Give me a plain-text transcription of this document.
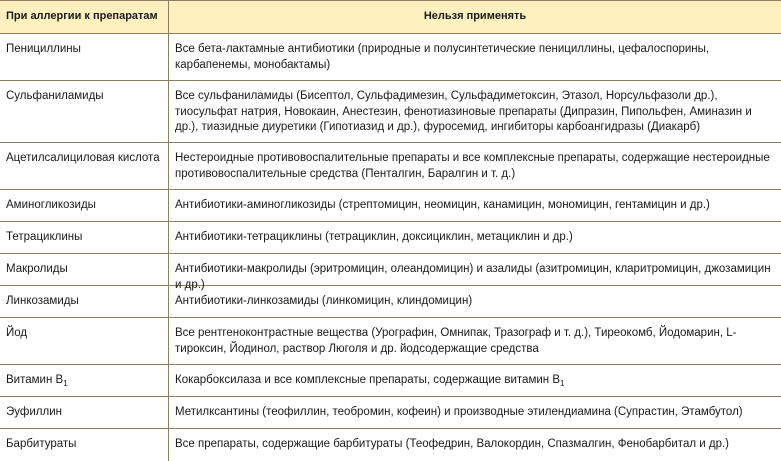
При аллергии к препаратам	Нельзя применять
Пенициллины	Все бета-лактамные антибиотики (природные и полусинтетические пенициллины, цефалоспорины, карбапенемы, монобактамы)
Сульфаниламиды	Все сульфаниламиды (Бисептол, Сульфадимезин, Сульфадиметоксин, Этазол, Норсульфазоли др.), тиосульфат натрия, Новокаин, Анестезин, фенотиазиновые препараты (Дипразин, Пипольфен, Аминазин и др.), тиазидные диуретики (Гипотиазид и др.), фуросемид, ингибиторы карбоангидразы (Диакарб)
Ацетилсалициловая кислота	Нестероидные противовоспалительные препараты и все комплексные препараты, содержащие нестероидные противовоспалительные средства (Пенталгин, Баралгин и т. д.)
Аминогликозиды	Антибиотики-аминогликозиды (стрептомицин, неомицин, канамицин, мономицин, гентамицин и др.)
Тетрациклины	Антибиотики-тетрациклины (тетрациклин, доксициклин, метациклин и др.)
Макролиды	Антибиотики-макролиды (эритромицин, олеандомицин) и азалиды (азитромицин, кларитромицин, джозамицин и др.)
Линкозамиды	Антибиотики-линкозамиды (линкомицин, клиндомицин)
Йод	Все рентгеноконтрастные вещества (Урографин, Омнипак, Тразограф и т. д.), Тиреокомб, Йодомарин, L-тироксин, Йодинол, раствор Люголя и др. йодсодержащие средства
Витамин $B_1$	Кокарбоксилаза и все комплексные препараты, содержащие витамин $B_1$
Эуфиллин	Метилксантины (теофиллин, теобромин, кофеин) и производные этилендиамина (Супрастин, Этамбутол)
Барбитураты	Все препараты, содержащие барбитураты (Теофедрин, Валокордин, Спазмалгин, Фенобарбитал и др.)
